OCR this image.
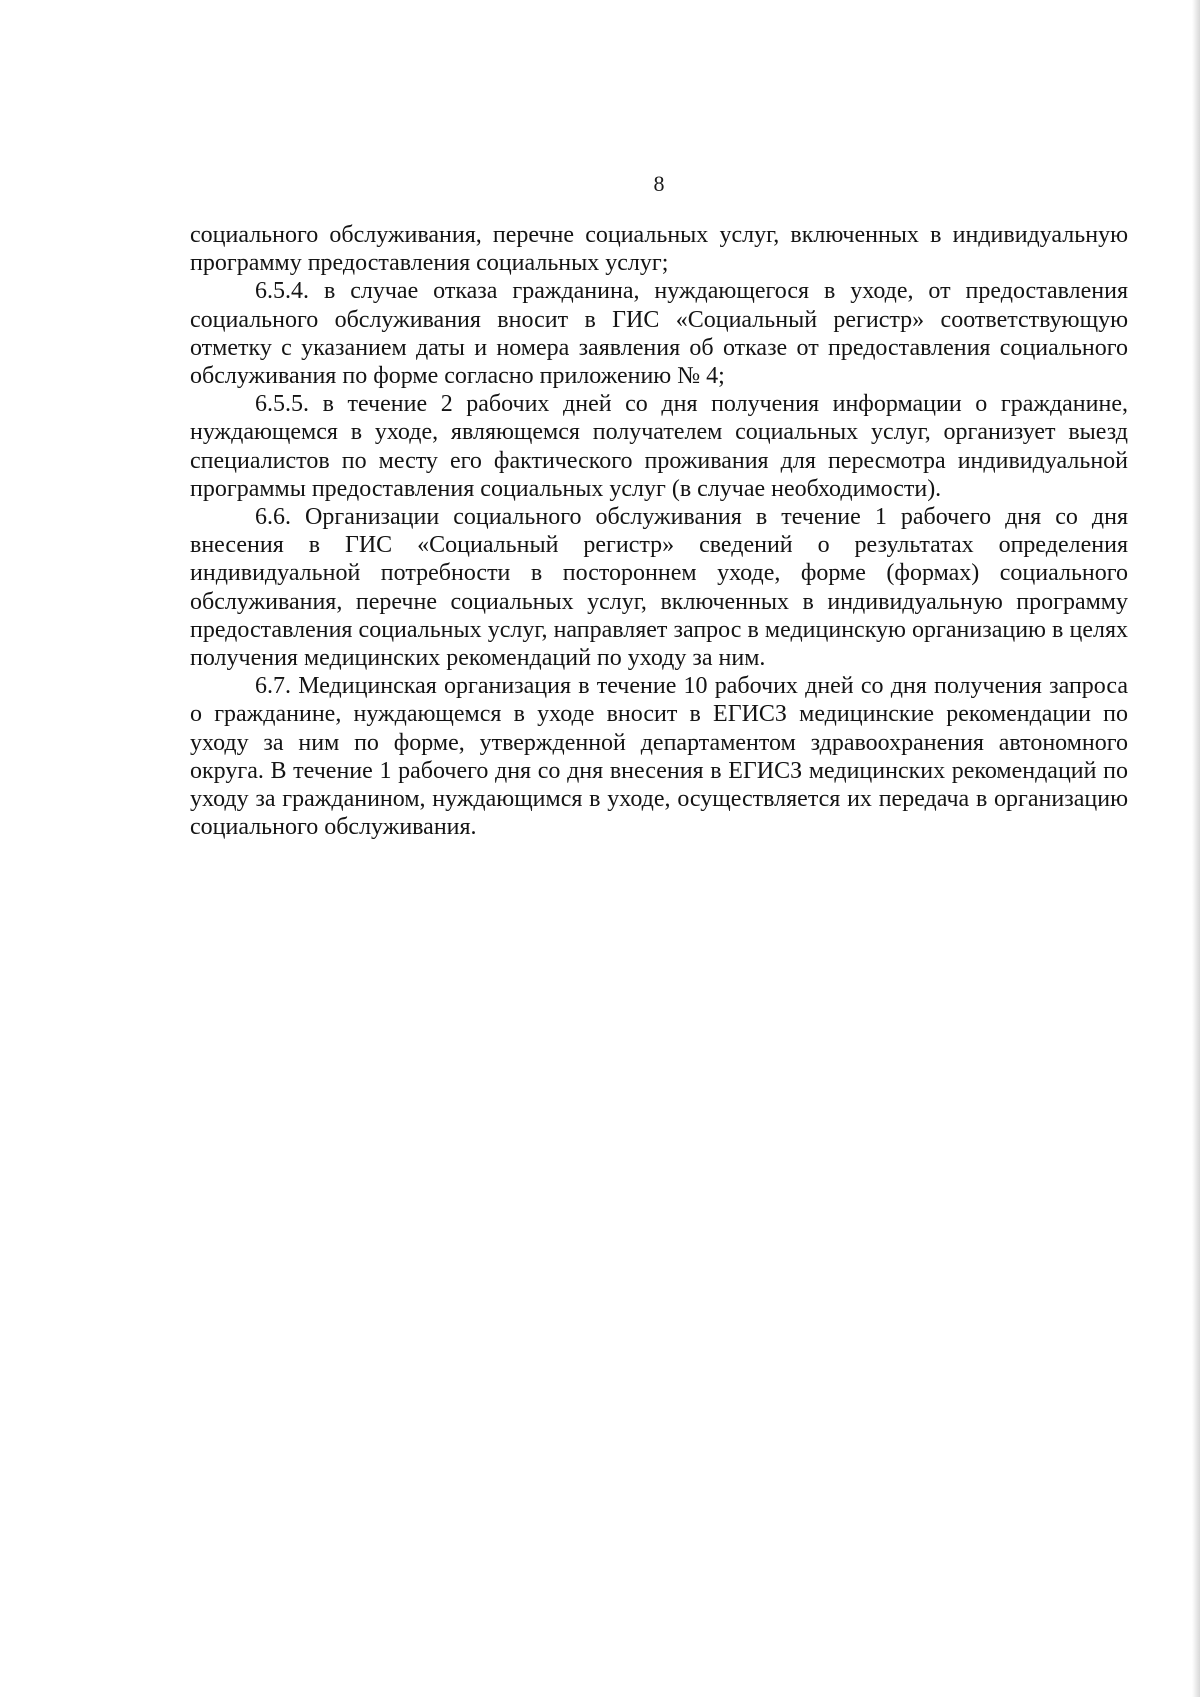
8

социального обслуживания, перечне социальных услуг, включенных в индивидуальную программу предоставления социальных услуг;

6.5.4. в случае отказа гражданина, нуждающегося в уходе, от предоставления социального обслуживания вносит в ГИС «Социальный регистр» соответствующую отметку с указанием даты и номера заявления об отказе от предоставления социального обслуживания по форме согласно приложению № 4;

6.5.5. в течение 2 рабочих дней со дня получения информации о гражданине, нуждающемся в уходе, являющемся получателем социальных услуг, организует выезд специалистов по месту его фактического проживания для пересмотра индивидуальной программы предоставления социальных услуг (в случае необходимости).

6.6. Организации социального обслуживания в течение 1 рабочего дня со дня внесения в ГИС «Социальный регистр» сведений о результатах определения индивидуальной потребности в постороннем уходе, форме (формах) социального обслуживания, перечне социальных услуг, включенных в индивидуальную программу предоставления социальных услуг, направляет запрос в медицинскую организацию в целях получения медицинских рекомендаций по уходу за ним.

6.7. Медицинская организация в течение 10 рабочих дней со дня получения запроса о гражданине, нуждающемся в уходе вносит в ЕГИСЗ медицинские рекомендации по уходу за ним по форме, утвержденной департаментом здравоохранения автономного округа. В течение 1 рабочего дня со дня внесения в ЕГИСЗ медицинских рекомендаций по уходу за гражданином, нуждающимся в уходе, осуществляется их передача в организацию социального обслуживания.
